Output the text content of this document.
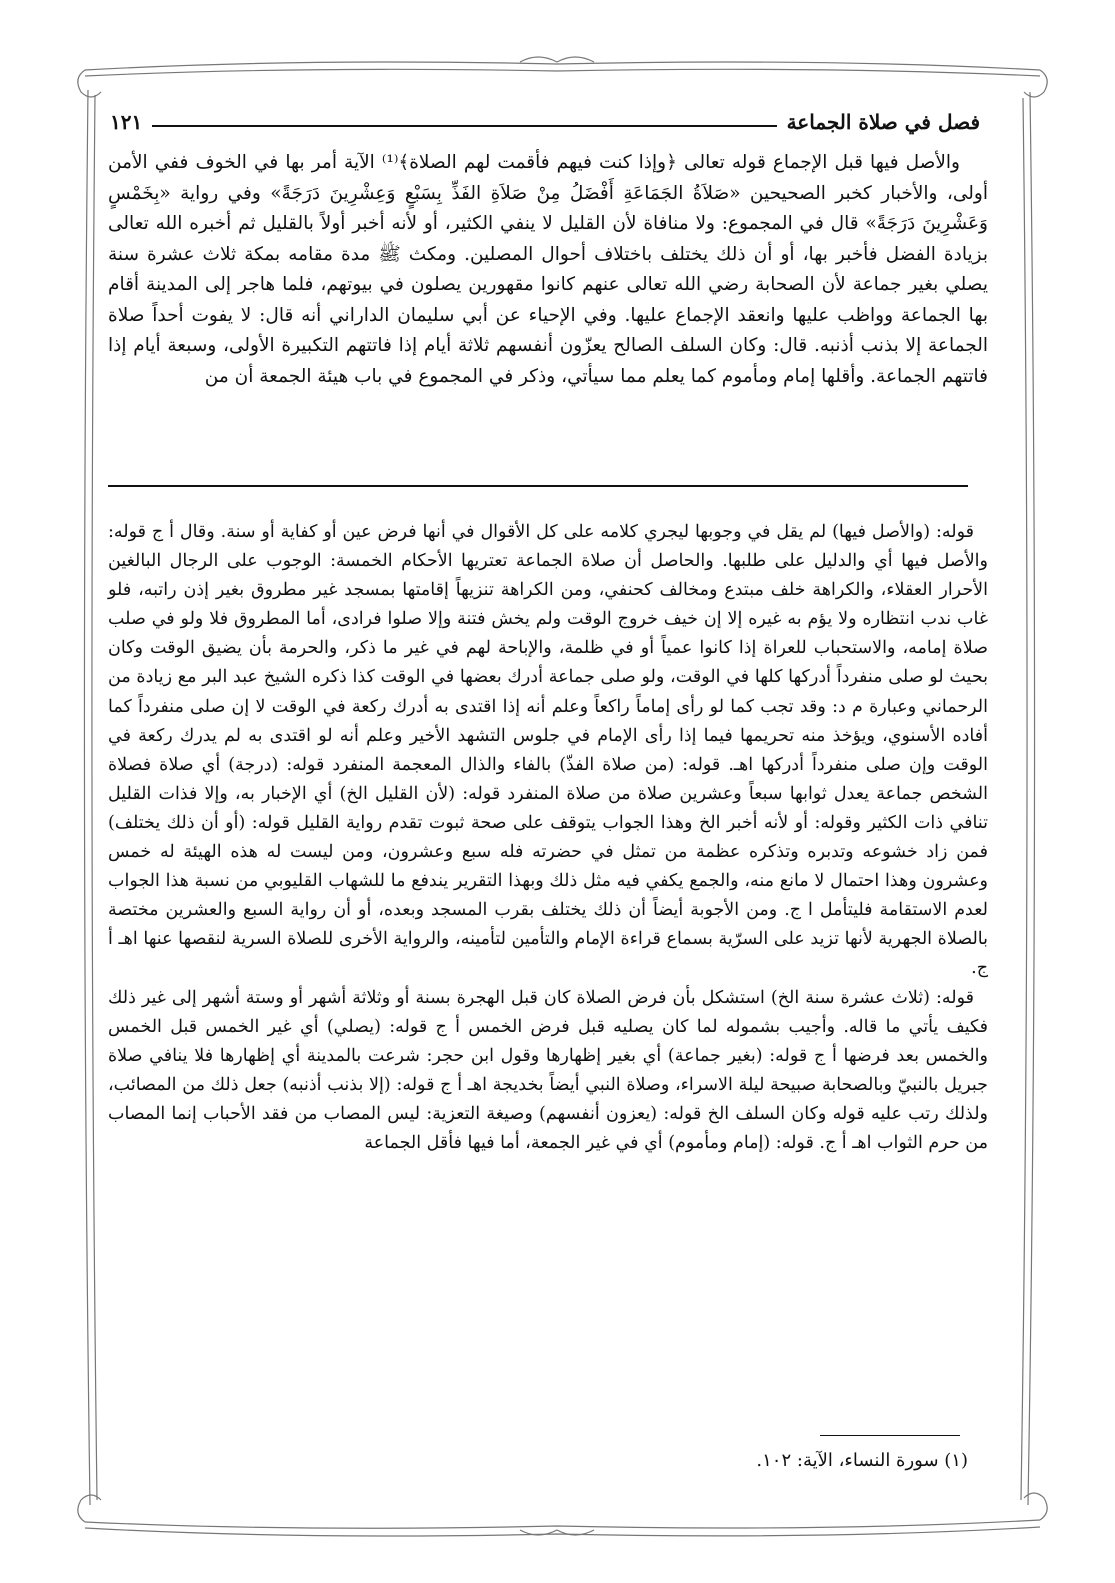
فصل في صلاة الجماعة
١٢١

والأصل فيها قبل الإجماع قوله تعالى ﴿وإذا كنت فيهم فأقمت لهم الصلاة﴾⁽¹⁾ الآية أمر بها في الخوف ففي الأمن أولى، والأخبار كخبر الصحيحين «صَلاَةُ الجَمَاعَةِ أَفْضَلُ مِنْ صَلاَةِ الفَذِّ بِسَبْعٍ وَعِشْرِينَ دَرَجَةً» وفي رواية «بِخَمْسٍ وَعَشْرِينَ دَرَجَةً» قال في المجموع: ولا منافاة لأن القليل لا ينفي الكثير، أو لأنه أخبر أولاً بالقليل ثم أخبره الله تعالى بزيادة الفضل فأخبر بها، أو أن ذلك يختلف باختلاف أحوال المصلين. ومكث ﷺ مدة مقامه بمكة ثلاث عشرة سنة يصلي بغير جماعة لأن الصحابة رضي الله تعالى عنهم كانوا مقهورين يصلون في بيوتهم، فلما هاجر إلى المدينة أقام بها الجماعة وواظب عليها وانعقد الإجماع عليها. وفي الإحياء عن أبي سليمان الداراني أنه قال: لا يفوت أحداً صلاة الجماعة إلا بذنب أذنبه. قال: وكان السلف الصالح يعزّون أنفسهم ثلاثة أيام إذا فاتتهم التكبيرة الأولى، وسبعة أيام إذا فاتتهم الجماعة. وأقلها إمام ومأموم كما يعلم مما سيأتي، وذكر في المجموع في باب هيئة الجمعة أن من

قوله: (والأصل فيها) لم يقل في وجوبها ليجري كلامه على كل الأقوال في أنها فرض عين أو كفاية أو سنة. وقال أ ج قوله: والأصل فيها أي والدليل على طلبها. والحاصل أن صلاة الجماعة تعتريها الأحكام الخمسة: الوجوب على الرجال البالغين الأحرار العقلاء، والكراهة خلف مبتدع ومخالف كحنفي، ومن الكراهة تنزيهاً إقامتها بمسجد غير مطروق بغير إذن راتبه، فلو غاب ندب انتظاره ولا يؤم به غيره إلا إن خيف خروج الوقت ولم يخش فتنة وإلا صلوا فرادى، أما المطروق فلا ولو في صلب صلاة إمامه، والاستحباب للعراة إذا كانوا عمياً أو في ظلمة، والإباحة لهم في غير ما ذكر، والحرمة بأن يضيق الوقت وكان بحيث لو صلى منفرداً أدركها كلها في الوقت، ولو صلى جماعة أدرك بعضها في الوقت كذا ذكره الشيخ عبد البر مع زيادة من الرحماني وعبارة م د: وقد تجب كما لو رأى إماماً راكعاً وعلم أنه إذا اقتدى به أدرك ركعة في الوقت لا إن صلى منفرداً كما أفاده الأسنوي، ويؤخذ منه تحريمها فيما إذا رأى الإمام في جلوس التشهد الأخير وعلم أنه لو اقتدى به لم يدرك ركعة في الوقت وإن صلى منفرداً أدركها اهـ. قوله: (من صلاة الفذّ) بالفاء والذال المعجمة المنفرد قوله: (درجة) أي صلاة فصلاة الشخص جماعة يعدل ثوابها سبعاً وعشرين صلاة من صلاة المنفرد قوله: (لأن القليل الخ) أي الإخبار به، وإلا فذات القليل تنافي ذات الكثير وقوله: أو لأنه أخبر الخ وهذا الجواب يتوقف على صحة ثبوت تقدم رواية القليل قوله: (أو أن ذلك يختلف) فمن زاد خشوعه وتدبره وتذكره عظمة من تمثل في حضرته فله سبع وعشرون، ومن ليست له هذه الهيئة له خمس وعشرون وهذا احتمال لا مانع منه، والجمع يكفي فيه مثل ذلك وبهذا التقرير يندفع ما للشهاب القليوبي من نسبة هذا الجواب لعدم الاستقامة فليتأمل ا ج. ومن الأجوبة أيضاً أن ذلك يختلف بقرب المسجد وبعده، أو أن رواية السبع والعشرين مختصة بالصلاة الجهرية لأنها تزيد على السرّية بسماع قراءة الإمام والتأمين لتأمينه، والرواية الأخرى للصلاة السرية لنقصها عنها اهـ أ ج.

قوله: (ثلاث عشرة سنة الخ) استشكل بأن فرض الصلاة كان قبل الهجرة بسنة أو وثلاثة أشهر أو وستة أشهر إلى غير ذلك فكيف يأتي ما قاله. وأجيب بشموله لما كان يصليه قبل فرض الخمس أ ج قوله: (يصلي) أي غير الخمس قبل الخمس والخمس بعد فرضها أ ج قوله: (بغير جماعة) أي بغير إظهارها وقول ابن حجر: شرعت بالمدينة أي إظهارها فلا ينافي صلاة جبريل بالنبيّ وبالصحابة صبيحة ليلة الاسراء، وصلاة النبي أيضاً بخديجة اهـ أ ج قوله: (إلا بذنب أذنبه) جعل ذلك من المصائب، ولذلك رتب عليه قوله وكان السلف الخ قوله: (يعزون أنفسهم) وصيغة التعزية: ليس المصاب من فقد الأحباب إنما المصاب من حرم الثواب اهـ أ ج. قوله: (إمام ومأموم) أي في غير الجمعة، أما فيها فأقل الجماعة

(١) سورة النساء، الآية: ١٠٢.
